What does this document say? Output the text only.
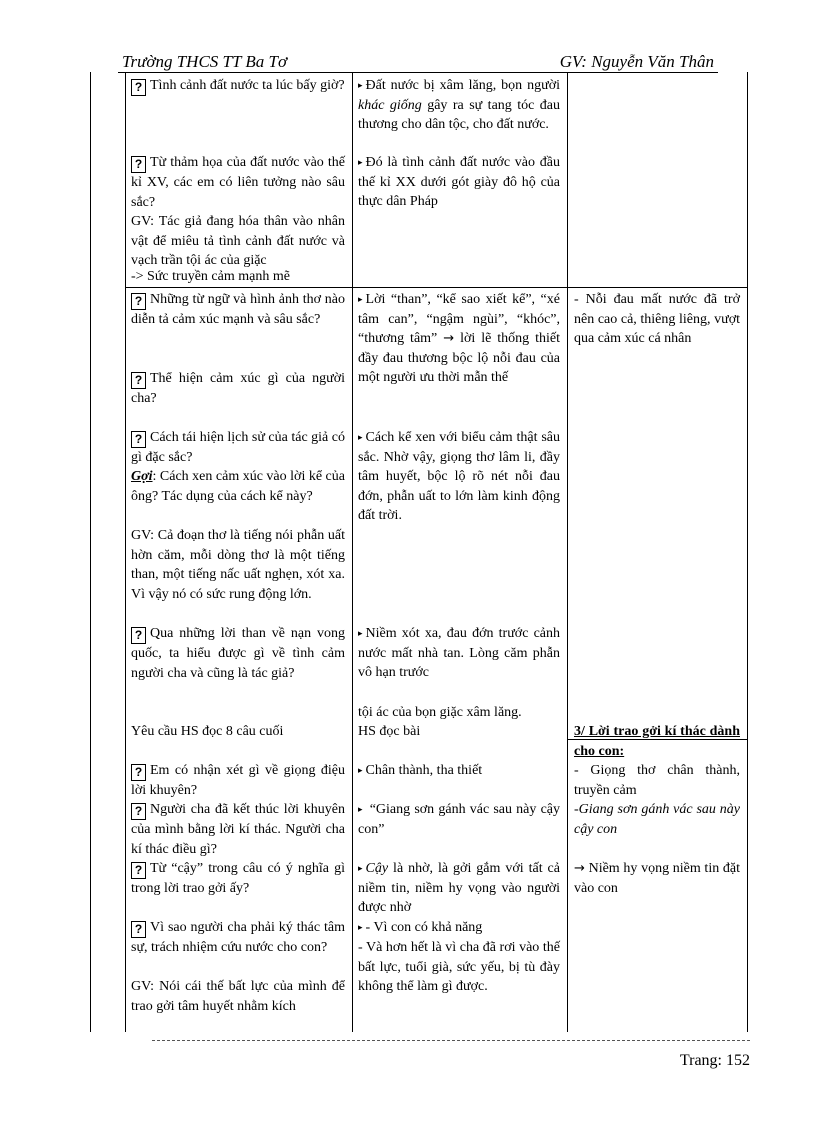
Trường THCS TT Ba Tơ	GV: Nguyễn Văn Thân
? Tình cảnh đất nước ta lúc bấy giờ?
? Từ thảm họa của đất nước vào thế kỉ XV, các em có liên tưởng nào sâu sắc?
GV: Tác giả đang hóa thân vào nhân vật để miêu tả tình cảnh đất nước và vạch trần tội ác của giặc
-> Sức truyền cảm mạnh mẽ
? Những từ ngữ và hình ảnh thơ nào diễn tả cảm xúc mạnh và sâu sắc?
? Thể hiện cảm xúc gì của người cha?
? Cách tái hiện lịch sử của tác giả có gì đặc sắc?
Gợi: Cách xen cảm xúc vào lời kể của ông? Tác dụng của cách kể này?
GV: Cả đoạn thơ là tiếng nói phẫn uất hờn căm, mỗi dòng thơ là một tiếng than, một tiếng nấc uất nghẹn, xót xa. Vì vậy nó có sức rung động lớn.
? Qua những lời than về nạn vong quốc, ta hiểu được gì về tình cảm người cha và cũng là tác giả?
Yêu cầu HS đọc 8 câu cuối
? Em có nhận xét gì về giọng điệu lời khuyên?
? Người cha đã kết thúc lời khuyên của mình bằng lời kí thác. Người cha kí thác điều gì?
? Từ “cậy” trong câu có ý nghĩa gì trong lời trao gởi ấy?
? Vì sao người cha phải ký thác tâm sự, trách nhiệm cứu nước cho con?
GV: Nói cái thế bất lực của mình để trao gởi tâm huyết nhằm kích
▸ Đất nước bị xâm lăng, bọn người khác giống gây ra sự tang tóc đau thương cho dân tộc, cho đất nước.
▸ Đó là tình cảnh đất nước vào đầu thế kỉ XX dưới gót giày đô hộ của thực dân Pháp
▸ Lời “than”, “kể sao xiết kể”, “xé tâm can”, “ngậm ngùi”, “khóc”, “thương tâm” → lời lẽ thống thiết đầy đau thương bộc lộ nỗi đau của một người ưu thời mẫn thế
▸ Cách kể xen với biểu cảm thật sâu sắc. Nhờ vậy, giọng thơ lâm li, đầy tâm huyết, bộc lộ rõ nét nỗi đau đớn, phẫn uất to lớn làm kinh động đất trời.
▸ Niềm xót xa, đau đớn trước cảnh nước mất nhà tan. Lòng căm phẫn vô hạn trước
tội ác của bọn giặc xâm lăng.
HS đọc bài
▸ Chân thành, tha thiết
▸ “Giang sơn gánh vác sau này cậy con”
▸ Cậy là nhờ, là gởi gắm với tất cả niềm tin, niềm hy vọng vào người được nhờ
▸ - Vì con có khả năng
- Và hơn hết là vì cha đã rơi vào thế bất lực, tuổi già, sức yếu, bị tù đày không thể làm gì được.
- Nỗi đau mất nước đã trở nên cao cả, thiêng liêng, vượt qua cảm xúc cá nhân
3/ Lời trao gởi kí thác dành cho con:
- Giọng thơ chân thành, truyền cảm
-Giang sơn gánh vác sau này cậy con
→ Niềm hy vọng niềm tin đặt vào con
Trang: 152
